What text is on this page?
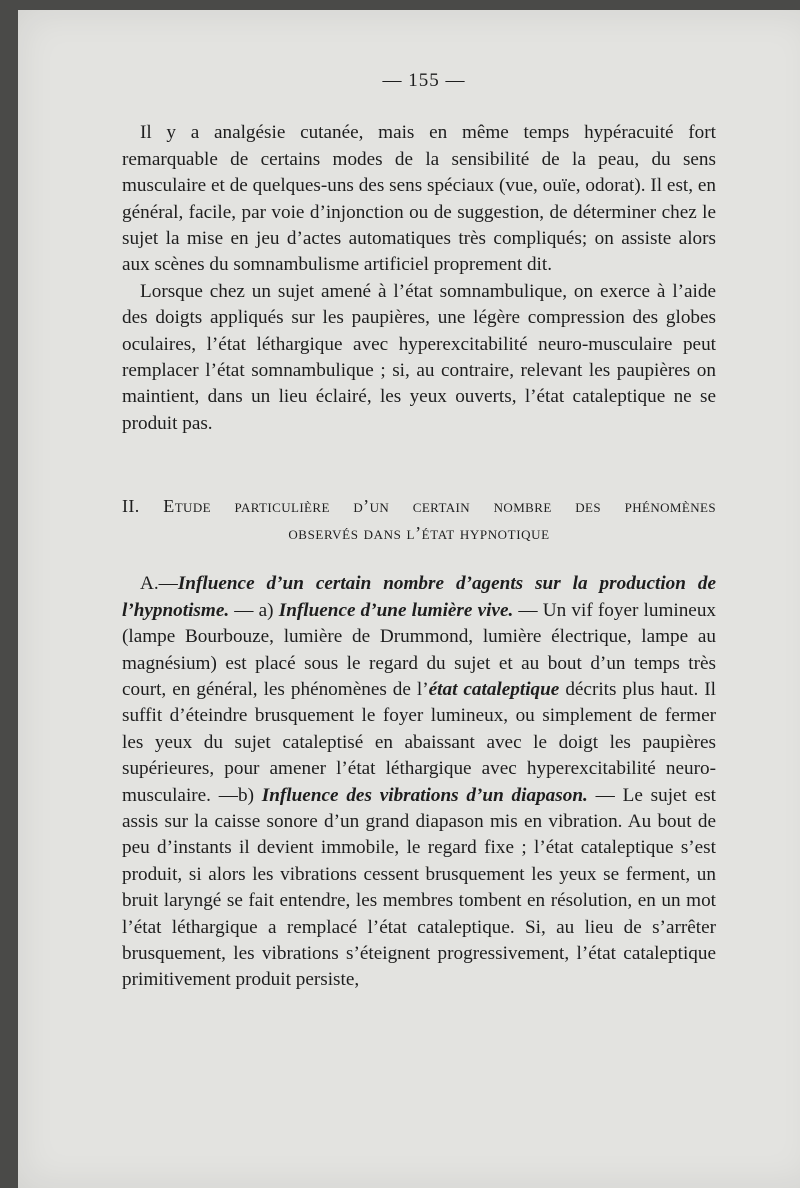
— 155 —

Il y a analgésie cutanée, mais en même temps hypéracuité fort remarquable de certains modes de la sensibilité de la peau, du sens musculaire et de quelques-uns des sens spéciaux (vue, ouïe, odorat). Il est, en général, facile, par voie d’injonction ou de suggestion, de déterminer chez le sujet la mise en jeu d’actes automatiques très compliqués; on assiste alors aux scènes du somnambulisme artificiel proprement dit.

Lorsque chez un sujet amené à l’état somnambulique, on exerce à l’aide des doigts appliqués sur les paupières, une légère compression des globes oculaires, l’état léthargique avec hyperexcitabilité neuro-musculaire peut remplacer l’état somnambulique ; si, au contraire, relevant les paupières on maintient, dans un lieu éclairé, les yeux ouverts, l’état cataleptique ne se produit pas.

II. Etude particulière d’un certain nombre des phénomènes
observés dans l’état hypnotique

A.—Influence d’un certain nombre d’agents sur la production de l’hypnotisme. — a) Influence d’une lumière vive. — Un vif foyer lumineux (lampe Bourbouze, lumière de Drummond, lumière électrique, lampe au magnésium) est placé sous le regard du sujet et au bout d’un temps très court, en général, les phénomènes de l’état cataleptique décrits plus haut. Il suffit d’éteindre brusquement le foyer lumineux, ou simplement de fermer les yeux du sujet cataleptisé en abaissant avec le doigt les paupières supérieures, pour amener l’état léthargique avec hyperexcitabilité neuro-musculaire. —b) Influence des vibrations d’un diapason. — Le sujet est assis sur la caisse sonore d’un grand diapason mis en vibration. Au bout de peu d’instants il devient immobile, le regard fixe ; l’état cataleptique s’est produit, si alors les vibrations cessent brusquement les yeux se ferment, un bruit laryngé se fait entendre, les membres tombent en résolution, en un mot l’état léthargique a remplacé l’état cataleptique. Si, au lieu de s’arrêter brusquement, les vibrations s’éteignent progressivement, l’état cataleptique primitivement produit persiste,
